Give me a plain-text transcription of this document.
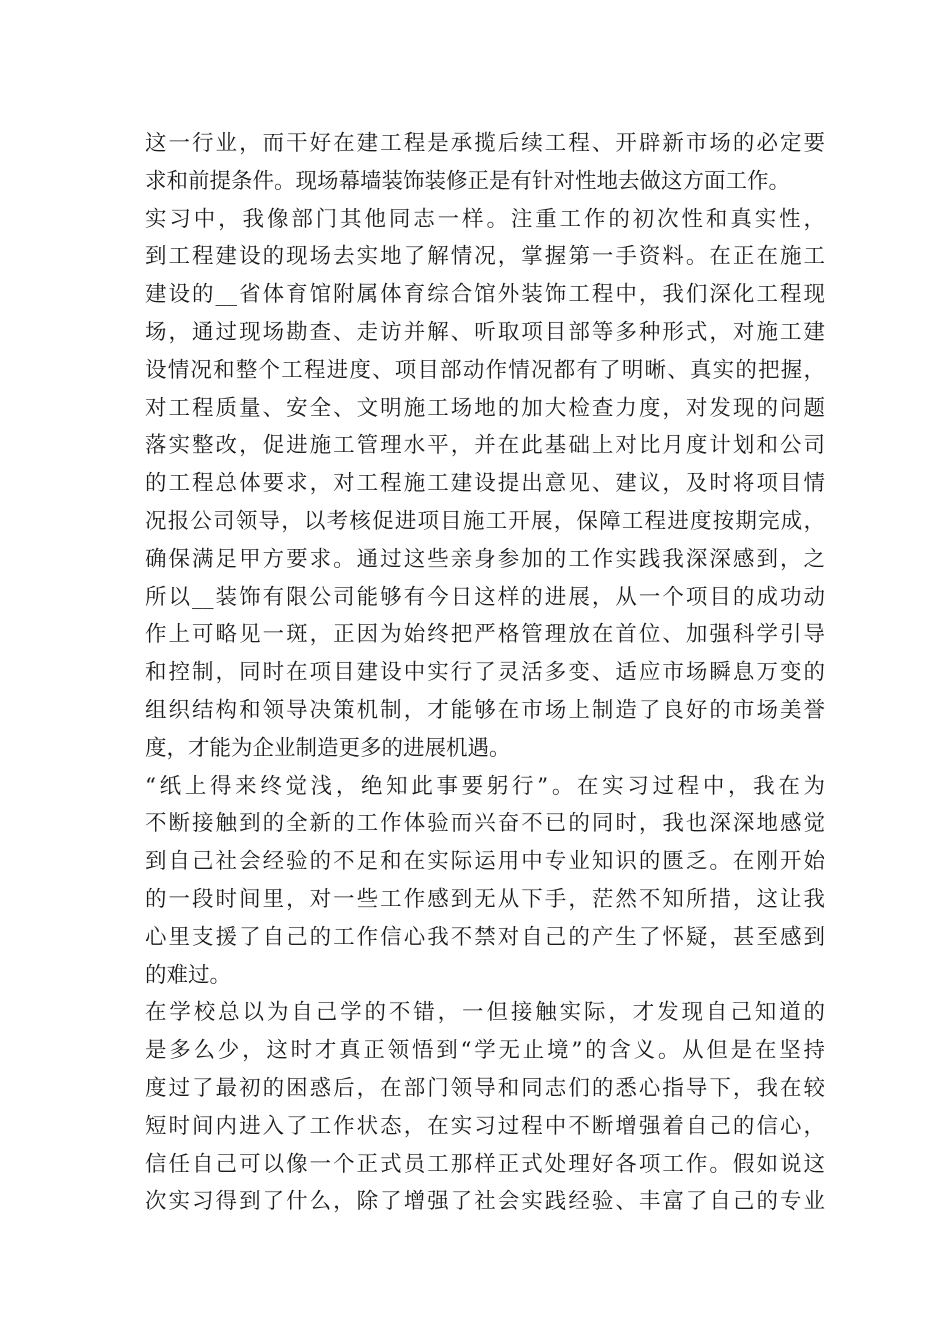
这一行业，而干好在建工程是承揽后续工程、开辟新市场的必定要
求和前提条件。现场幕墙装饰装修正是有针对性地去做这方面工作。
实习中，我像部门其他同志一样。注重工作的初次性和真实性，
到工程建设的现场去实地了解情况，掌握第一手资料。在正在施工
建设的__省体育馆附属体育综合馆外装饰工程中，我们深化工程现
场，通过现场勘查、走访并解、听取项目部等多种形式，对施工建
设情况和整个工程进度、项目部动作情况都有了明晰、真实的把握，
对工程质量、安全、文明施工场地的加大检查力度，对发现的问题
落实整改，促进施工管理水平，并在此基础上对比月度计划和公司
的工程总体要求，对工程施工建设提出意见、建议，及时将项目情
况报公司领导，以考核促进项目施工开展，保障工程进度按期完成，
确保满足甲方要求。通过这些亲身参加的工作实践我深深感到，之
所以__装饰有限公司能够有今日这样的进展，从一个项目的成功动
作上可略见一斑，正因为始终把严格管理放在首位、加强科学引导
和控制，同时在项目建设中实行了灵活多变、适应市场瞬息万变的
组织结构和领导决策机制，才能够在市场上制造了良好的市场美誉
度，才能为企业制造更多的进展机遇。
“纸上得来终觉浅，绝知此事要躬行”。在实习过程中，我在为
不断接触到的全新的工作体验而兴奋不已的同时，我也深深地感觉
到自己社会经验的不足和在实际运用中专业知识的匮乏。在刚开始
的一段时间里，对一些工作感到无从下手，茫然不知所措，这让我
心里支援了自己的工作信心我不禁对自己的产生了怀疑，甚至感到
的难过。
在学校总以为自己学的不错，一但接触实际，才发现自己知道的
是多么少，这时才真正领悟到“学无止境”的含义。从但是在坚持
度过了最初的困惑后，在部门领导和同志们的悉心指导下，我在较
短时间内进入了工作状态，在实习过程中不断增强着自己的信心，
信任自己可以像一个正式员工那样正式处理好各项工作。假如说这
次实习得到了什么，除了增强了社会实践经验、丰富了自己的专业
